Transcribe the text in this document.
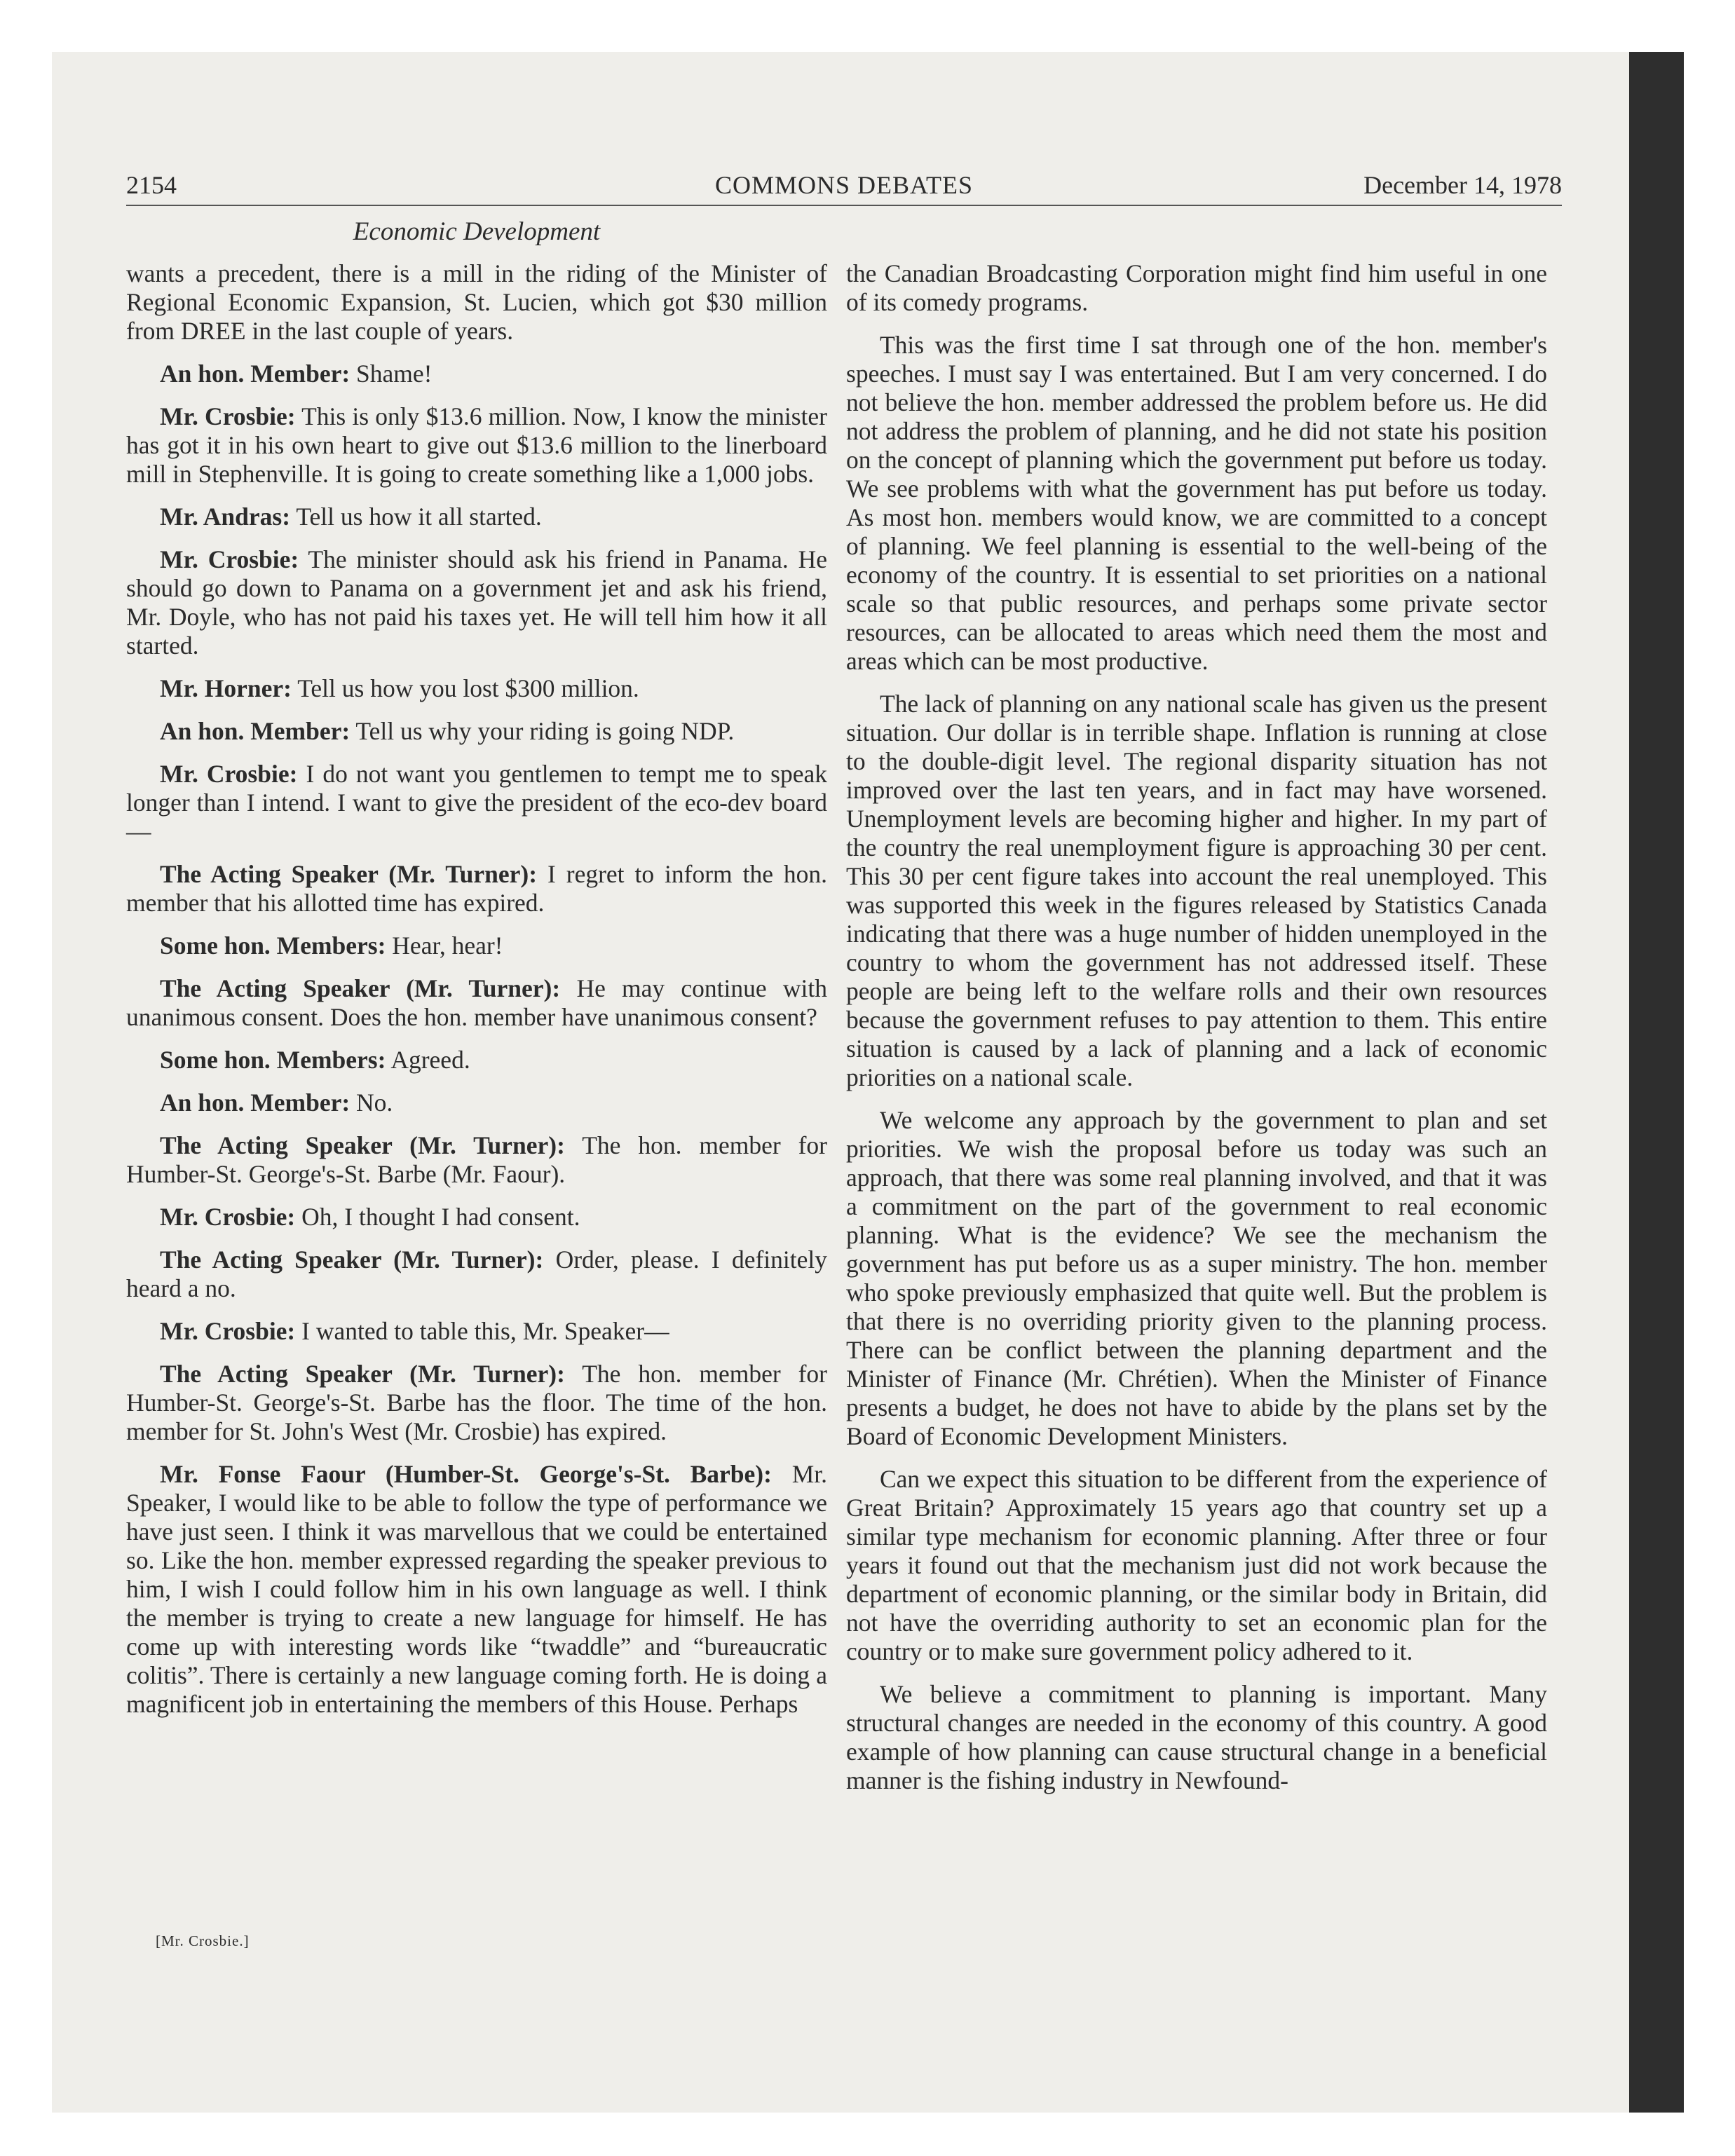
2154	COMMONS DEBATES	December 14, 1978
Economic Development

wants a precedent, there is a mill in the riding of the Minister of Regional Economic Expansion, St. Lucien, which got $30 million from DREE in the last couple of years.

An hon. Member: Shame!

Mr. Crosbie: This is only $13.6 million. Now, I know the minister has got it in his own heart to give out $13.6 million to the linerboard mill in Stephenville. It is going to create something like a 1,000 jobs.

Mr. Andras: Tell us how it all started.

Mr. Crosbie: The minister should ask his friend in Panama. He should go down to Panama on a government jet and ask his friend, Mr. Doyle, who has not paid his taxes yet. He will tell him how it all started.

Mr. Horner: Tell us how you lost $300 million.

An hon. Member: Tell us why your riding is going NDP.

Mr. Crosbie: I do not want you gentlemen to tempt me to speak longer than I intend. I want to give the president of the eco-dev board—

The Acting Speaker (Mr. Turner): I regret to inform the hon. member that his allotted time has expired.

Some hon. Members: Hear, hear!

The Acting Speaker (Mr. Turner): He may continue with unanimous consent. Does the hon. member have unanimous consent?

Some hon. Members: Agreed.

An hon. Member: No.

The Acting Speaker (Mr. Turner): The hon. member for Humber-St. George's-St. Barbe (Mr. Faour).

Mr. Crosbie: Oh, I thought I had consent.

The Acting Speaker (Mr. Turner): Order, please. I definitely heard a no.

Mr. Crosbie: I wanted to table this, Mr. Speaker—

The Acting Speaker (Mr. Turner): The hon. member for Humber-St. George's-St. Barbe has the floor. The time of the hon. member for St. John's West (Mr. Crosbie) has expired.

Mr. Fonse Faour (Humber-St. George's-St. Barbe): Mr. Speaker, I would like to be able to follow the type of performance we have just seen. I think it was marvellous that we could be entertained so. Like the hon. member expressed regarding the speaker previous to him, I wish I could follow him in his own language as well. I think the member is trying to create a new language for himself. He has come up with interesting words like “twaddle” and “bureaucratic colitis”. There is certainly a new language coming forth. He is doing a magnificent job in entertaining the members of this House. Perhaps

[Mr. Crosbie.]

the Canadian Broadcasting Corporation might find him useful in one of its comedy programs.

This was the first time I sat through one of the hon. member's speeches. I must say I was entertained. But I am very concerned. I do not believe the hon. member addressed the problem before us. He did not address the problem of planning, and he did not state his position on the concept of planning which the government put before us today. We see problems with what the government has put before us today. As most hon. members would know, we are committed to a concept of planning. We feel planning is essential to the well-being of the economy of the country. It is essential to set priorities on a national scale so that public resources, and perhaps some private sector resources, can be allocated to areas which need them the most and areas which can be most productive.

The lack of planning on any national scale has given us the present situation. Our dollar is in terrible shape. Inflation is running at close to the double-digit level. The regional disparity situation has not improved over the last ten years, and in fact may have worsened. Unemployment levels are becoming higher and higher. In my part of the country the real unemployment figure is approaching 30 per cent. This 30 per cent figure takes into account the real unemployed. This was supported this week in the figures released by Statistics Canada indicating that there was a huge number of hidden unemployed in the country to whom the government has not addressed itself. These people are being left to the welfare rolls and their own resources because the government refuses to pay attention to them. This entire situation is caused by a lack of planning and a lack of economic priorities on a national scale.

We welcome any approach by the government to plan and set priorities. We wish the proposal before us today was such an approach, that there was some real planning involved, and that it was a commitment on the part of the government to real economic planning. What is the evidence? We see the mechanism the government has put before us as a super ministry. The hon. member who spoke previously emphasized that quite well. But the problem is that there is no overriding priority given to the planning process. There can be conflict between the planning department and the Minister of Finance (Mr. Chrétien). When the Minister of Finance presents a budget, he does not have to abide by the plans set by the Board of Economic Development Ministers.

Can we expect this situation to be different from the experience of Great Britain? Approximately 15 years ago that country set up a similar type mechanism for economic planning. After three or four years it found out that the mechanism just did not work because the department of economic planning, or the similar body in Britain, did not have the overriding authority to set an economic plan for the country or to make sure government policy adhered to it.

We believe a commitment to planning is important. Many structural changes are needed in the economy of this country. A good example of how planning can cause structural change in a beneficial manner is the fishing industry in Newfound-
